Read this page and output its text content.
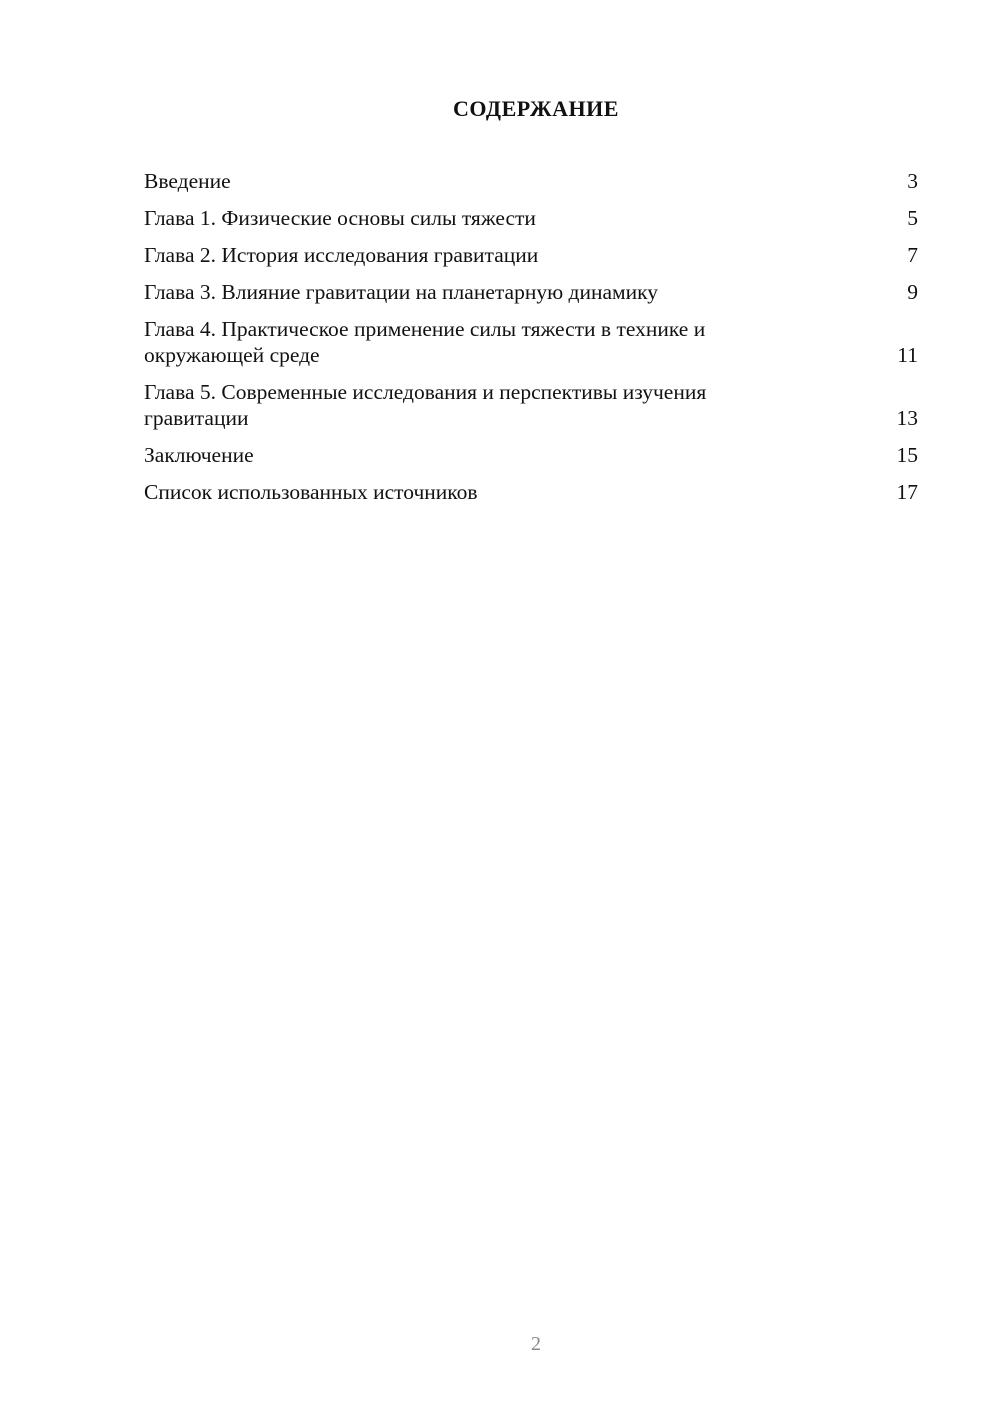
СОДЕРЖАНИЕ
Введение	3
Глава 1. Физические основы силы тяжести	5
Глава 2. История исследования гравитации	7
Глава 3. Влияние гравитации на планетарную динамику	9
Глава 4. Практическое применение силы тяжести в технике и окружающей среде	11
Глава 5. Современные исследования и перспективы изучения гравитации	13
Заключение	15
Список использованных источников	17
2
